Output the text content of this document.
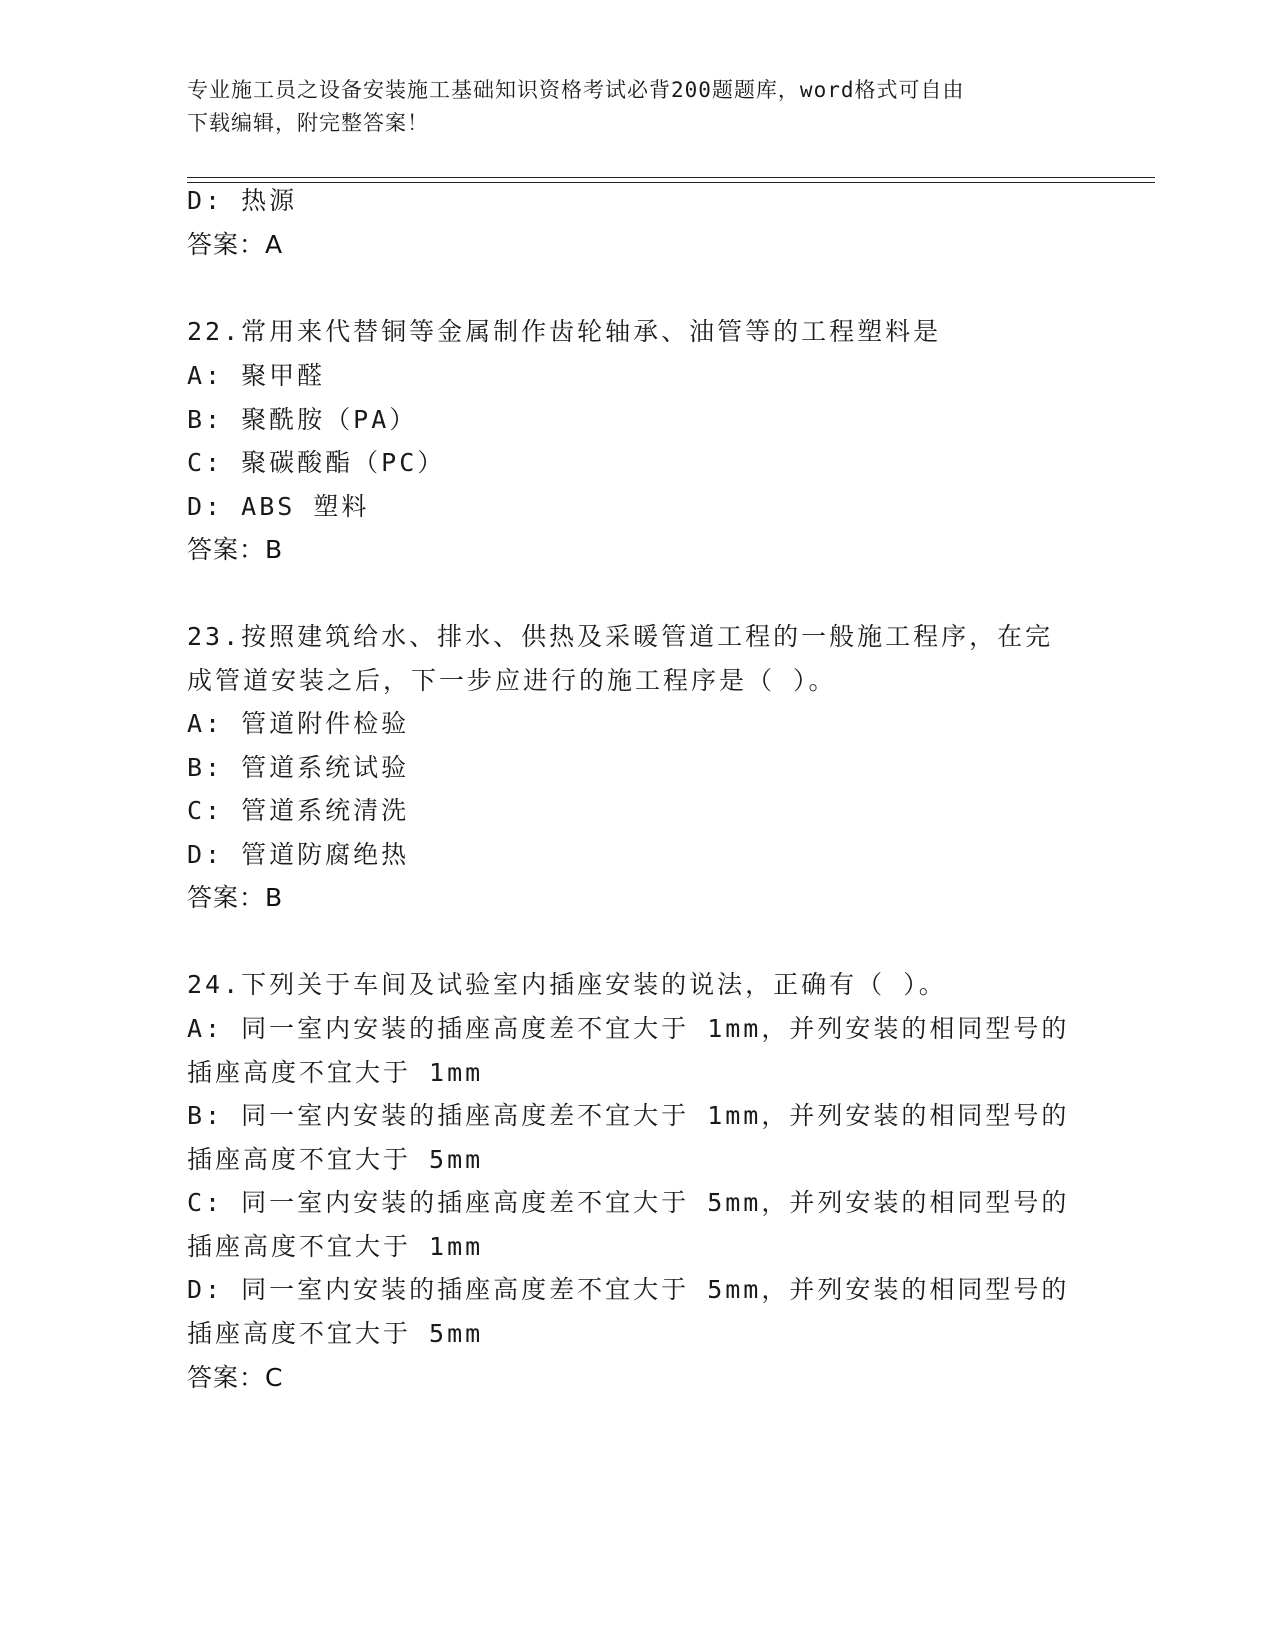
专业施工员之设备安装施工基础知识资格考试必背200题题库，word格式可自由
下载编辑，附完整答案！
D: 热源
答案：A
22.常用来代替铜等金属制作齿轮轴承、油管等的工程塑料是
A: 聚甲醛
B: 聚酰胺（PA）
C: 聚碳酸酯（PC）
D: ABS 塑料
答案：B
23.按照建筑给水、排水、供热及采暖管道工程的一般施工程序，在完
成管道安装之后，下一步应进行的施工程序是（ ）。
A: 管道附件检验
B: 管道系统试验
C: 管道系统清洗
D: 管道防腐绝热
答案：B
24.下列关于车间及试验室内插座安装的说法，正确有（ ）。
A: 同一室内安装的插座高度差不宜大于 1mm，并列安装的相同型号的
插座高度不宜大于 1mm
B: 同一室内安装的插座高度差不宜大于 1mm，并列安装的相同型号的
插座高度不宜大于 5mm
C: 同一室内安装的插座高度差不宜大于 5mm，并列安装的相同型号的
插座高度不宜大于 1mm
D: 同一室内安装的插座高度差不宜大于 5mm，并列安装的相同型号的
插座高度不宜大于 5mm
答案：C
